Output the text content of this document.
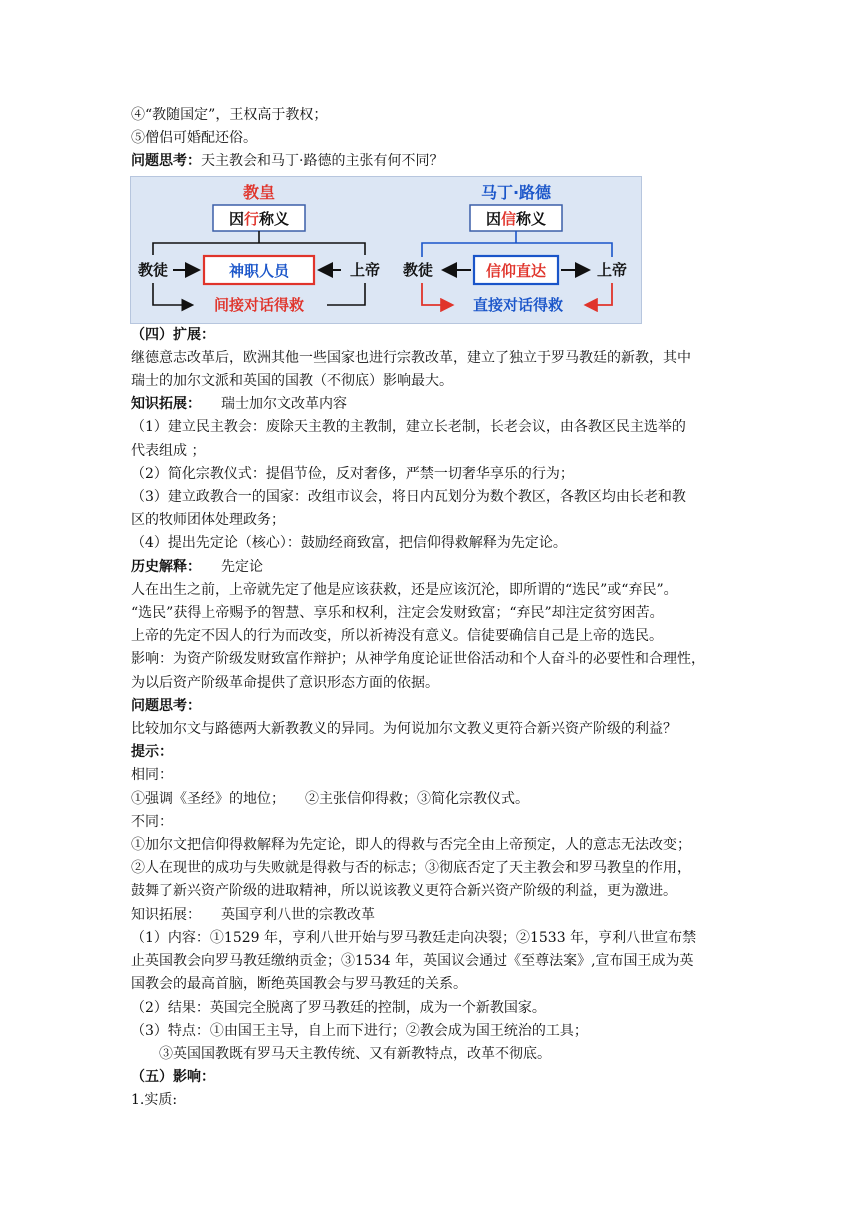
④“教随国定”，王权高于教权；

⑤僧侣可婚配还俗。

问题思考：天主教会和马丁·路德的主张有何不同？

教皇
因行称义
教徒	神职人员	上帝
间接对话得救
马丁·路德
因信称义
教徒	信仰直达	上帝
直接对话得救

（四）扩展：

继德意志改革后，欧洲其他一些国家也进行宗教改革，建立了独立于罗马教廷的新教，其中

瑞士的加尔文派和英国的国教（不彻底）影响最大。

知识拓展： 瑞士加尔文改革内容

（1）建立民主教会：废除天主教的主教制，建立长老制，长老会议，由各教区民主选举的

代表组成 ；

（2）简化宗教仪式：提倡节俭，反对奢侈，严禁一切奢华享乐的行为；

（3）建立政教合一的国家：改组市议会，将日内瓦划分为数个教区，各教区均由长老和教

区的牧师团体处理政务；

（4）提出先定论（核心）：鼓励经商致富，把信仰得救解释为先定论。

历史解释： 先定论

人在出生之前，上帝就先定了他是应该获救，还是应该沉沦，即所谓的“选民”或“弃民”。

“选民”获得上帝赐予的智慧、享乐和权利，注定会发财致富；“弃民”却注定贫穷困苦。

上帝的先定不因人的行为而改变，所以祈祷没有意义。信徒要确信自己是上帝的选民。

影响：为资产阶级发财致富作辩护；从神学角度论证世俗活动和个人奋斗的必要性和合理性，

为以后资产阶级革命提供了意识形态方面的依据。

问题思考：

比较加尔文与路德两大新教教义的异同。为何说加尔文教义更符合新兴资产阶级的利益？

提示：

相同：

①强调《圣经》的地位； ②主张信仰得救；③简化宗教仪式。

不同：

①加尔文把信仰得救解释为先定论，即人的得救与否完全由上帝预定，人的意志无法改变；

②人在现世的成功与失败就是得救与否的标志；③彻底否定了天主教会和罗马教皇的作用，

鼓舞了新兴资产阶级的进取精神，所以说该教义更符合新兴资产阶级的利益，更为激进。

知识拓展： 英国亨利八世的宗教改革

（1）内容：①1529 年，亨利八世开始与罗马教廷走向决裂；②1533 年，亨利八世宣布禁

止英国教会向罗马教廷缴纳贡金；③1534 年，英国议会通过《至尊法案》,宣布国王成为英

国教会的最高首脑，断绝英国教会与罗马教廷的关系。

（2）结果：英国完全脱离了罗马教廷的控制，成为一个新教国家。

（3）特点：①由国王主导，自上而下进行；②教会成为国王统治的工具；

③英国国教既有罗马天主教传统、又有新教特点，改革不彻底。

（五）影响：

1.实质:
